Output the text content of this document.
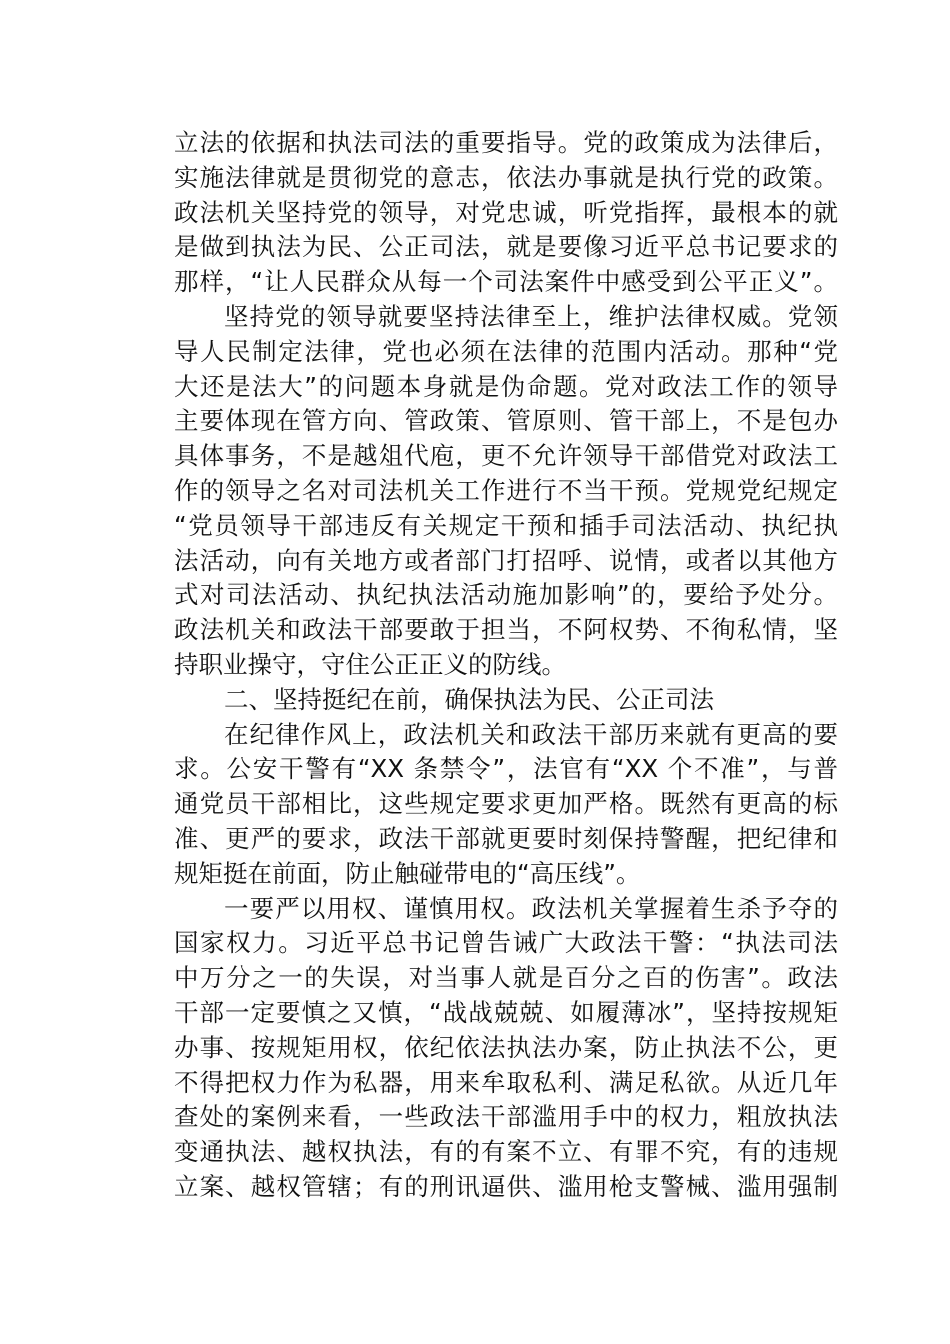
立法的依据和执法司法的重要指导。党的政策成为法律后，
实施法律就是贯彻党的意志，依法办事就是执行党的政策。
政法机关坚持党的领导，对党忠诚，听党指挥，最根本的就
是做到执法为民、公正司法，就是要像习近平总书记要求的
那样，“让人民群众从每一个司法案件中感受到公平正义”。
坚持党的领导就要坚持法律至上，维护法律权威。党领
导人民制定法律，党也必须在法律的范围内活动。那种“党
大还是法大”的问题本身就是伪命题。党对政法工作的领导
主要体现在管方向、管政策、管原则、管干部上，不是包办
具体事务，不是越俎代庖，更不允许领导干部借党对政法工
作的领导之名对司法机关工作进行不当干预。党规党纪规定
“党员领导干部违反有关规定干预和插手司法活动、执纪执
法活动，向有关地方或者部门打招呼、说情，或者以其他方
式对司法活动、执纪执法活动施加影响”的，要给予处分。
政法机关和政法干部要敢于担当，不阿权势、不徇私情，坚
持职业操守，守住公正正义的防线。
二、坚持挺纪在前，确保执法为民、公正司法
在纪律作风上，政法机关和政法干部历来就有更高的要
求。公安干警有“XX 条禁令”，法官有“XX 个不准”，与普
通党员干部相比，这些规定要求更加严格。既然有更高的标
准、更严的要求，政法干部就更要时刻保持警醒，把纪律和
规矩挺在前面，防止触碰带电的“高压线”。
一要严以用权、谨慎用权。政法机关掌握着生杀予夺的
国家权力。习近平总书记曾告诫广大政法干警：“执法司法
中万分之一的失误，对当事人就是百分之百的伤害”。政法
干部一定要慎之又慎，“战战兢兢、如履薄冰”，坚持按规矩
办事、按规矩用权，依纪依法执法办案，防止执法不公，更
不得把权力作为私器，用来牟取私利、满足私欲。从近几年
查处的案例来看，一些政法干部滥用手中的权力，粗放执法
变通执法、越权执法，有的有案不立、有罪不究，有的违规
立案、越权管辖；有的刑讯逼供、滥用枪支警械、滥用强制
